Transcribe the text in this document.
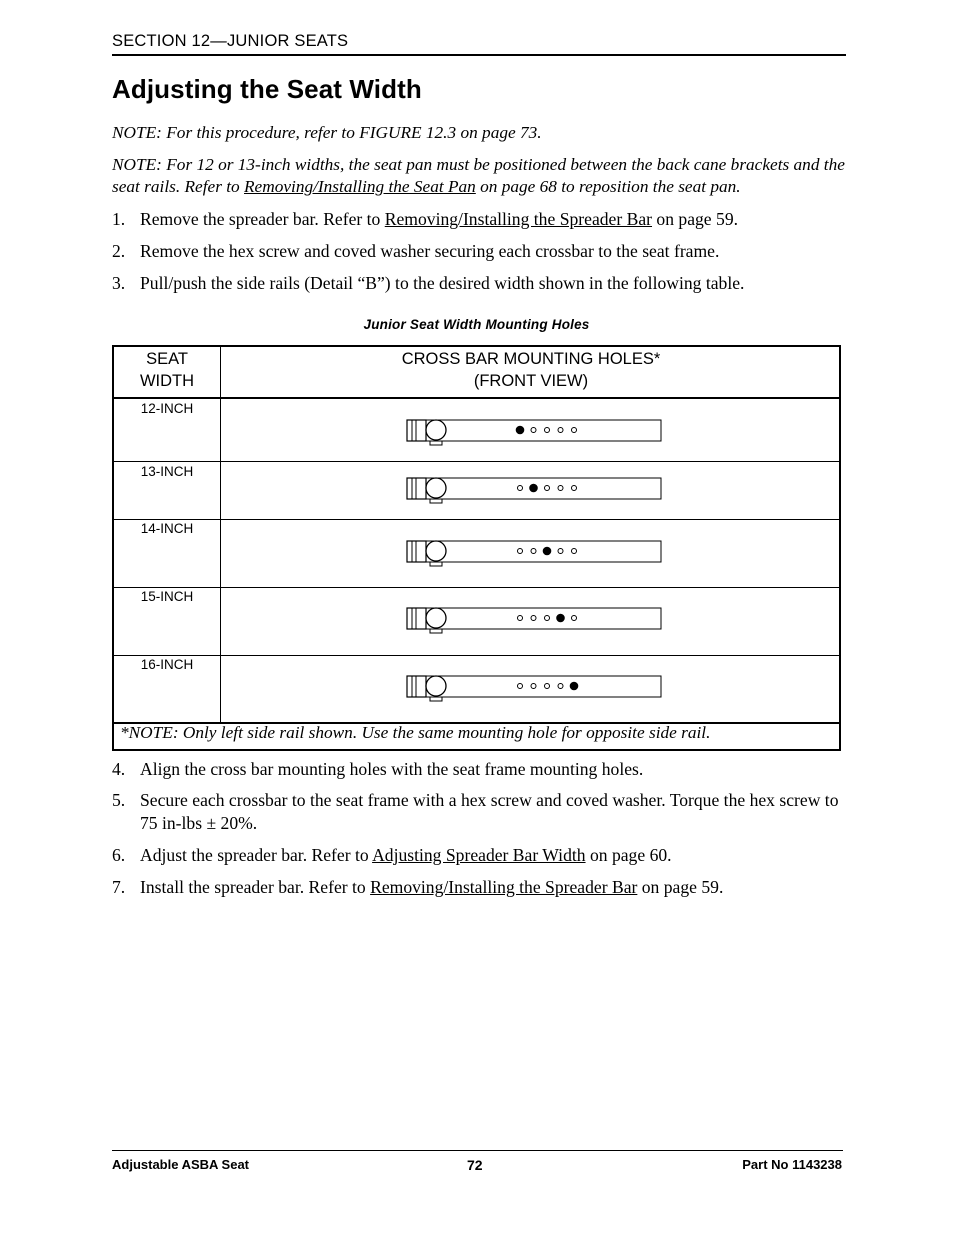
SECTION 12—JUNIOR SEATS
Adjusting the Seat Width

NOTE: For this procedure, refer to FIGURE 12.3 on page 73.

NOTE: For 12 or 13-inch widths, the seat pan must be positioned between the back cane brackets and the seat rails. Refer to Removing/Installing the Seat Pan on page 68 to reposition the seat pan.

1. Remove the spreader bar. Refer to Removing/Installing the Spreader Bar on page 59.
2. Remove the hex screw and coved washer securing each crossbar to the seat frame.
3. Pull/push the side rails (Detail “B”) to the desired width shown in the following table.
Junior Seat Width Mounting Holes
SEAT
WIDTH
CROSS BAR MOUNTING HOLES*
(FRONT VIEW)
12-INCH
13-INCH
14-INCH
15-INCH
16-INCH
*NOTE: Only left side rail shown. Use the same mounting hole for opposite side rail.
4. Align the cross bar mounting holes with the seat frame mounting holes.
5. Secure each crossbar to the seat frame with a hex screw and coved washer. Torque the hex screw to 75 in-lbs ± 20%.
6. Adjust the spreader bar. Refer to Adjusting Spreader Bar Width on page 60.
7. Install the spreader bar. Refer to Removing/Installing the Spreader Bar on page 59.
Adjustable ASBA Seat	72	Part No 1143238
